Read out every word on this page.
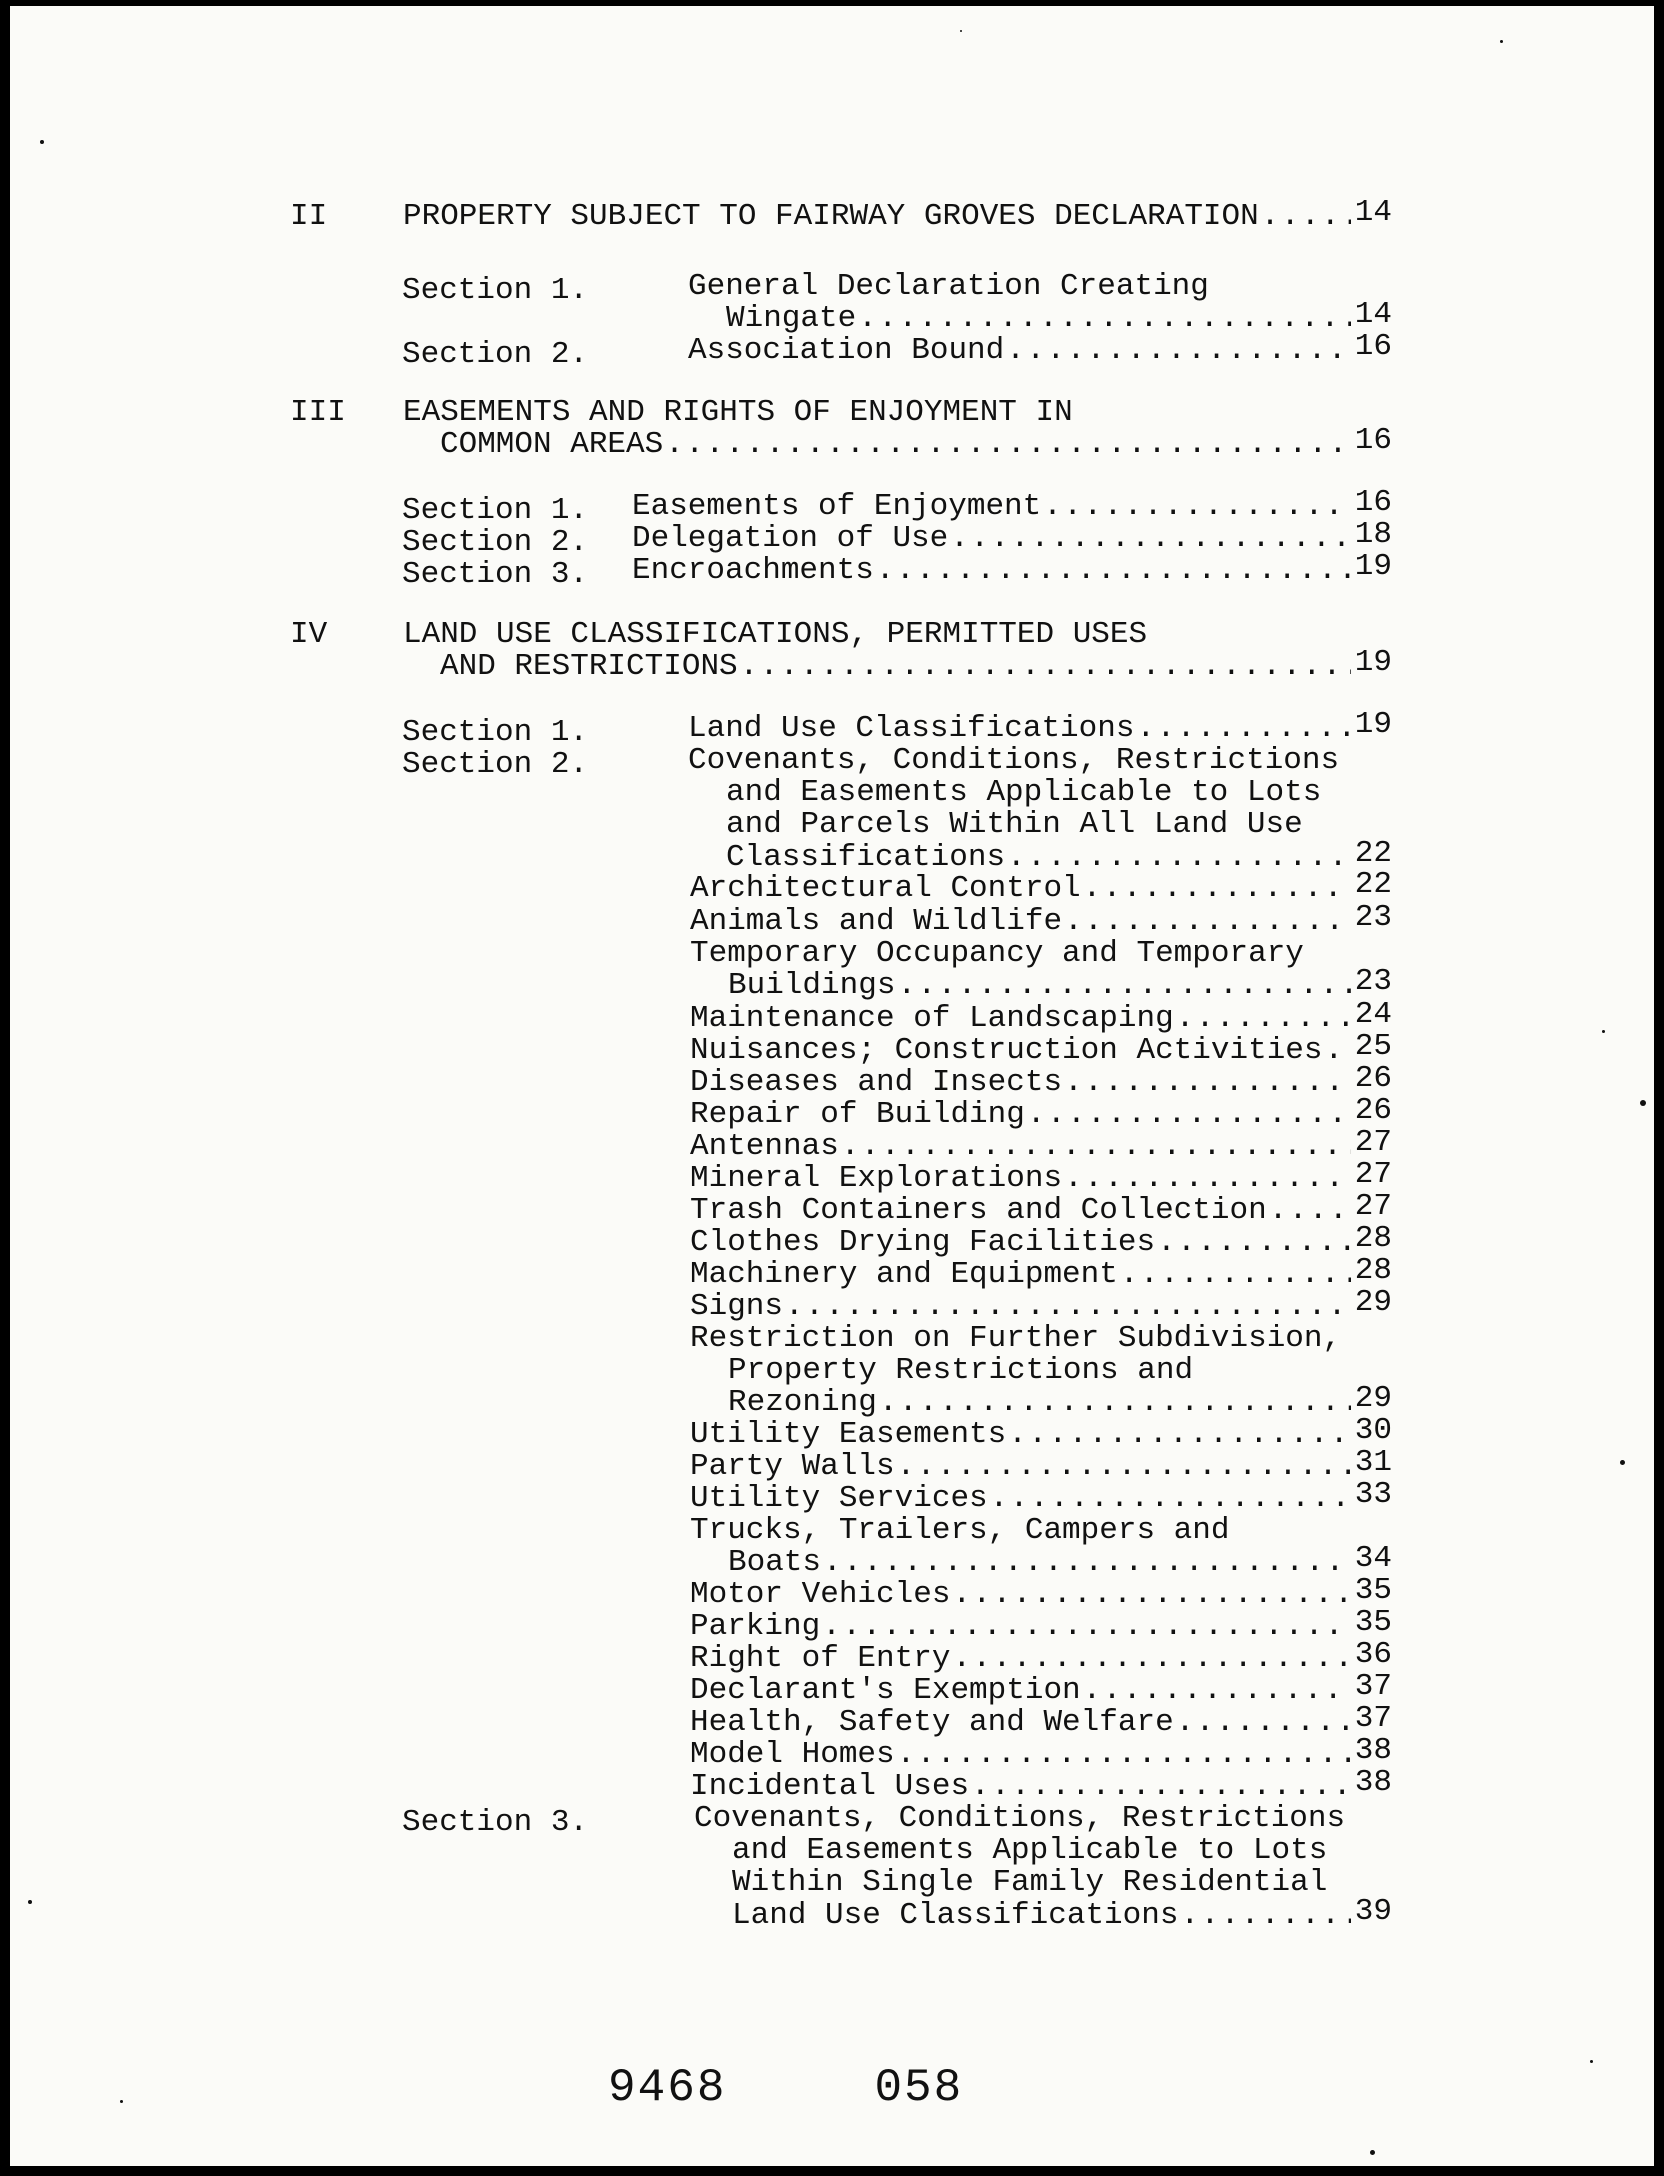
II PROPERTY SUBJECT TO FAIRWAY GROVES DECLARATION	14
.....
Section 1.	General Declaration Creating
Wingate	14
.....
Section 2.	Association Bound	16
.....
III EASEMENTS AND RIGHTS OF ENJOYMENT IN
COMMON AREAS	16
.....
Section 1. Easements of Enjoyment	16
.....
Section 2. Delegation of Use	18
.....
Section 3. Encroachments	19
.....
IV LAND USE CLASSIFICATIONS, PERMITTED USES
AND RESTRICTIONS	19
.....
Section 1.	Land Use Classifications	19
.....
Section 2.	Covenants, Conditions, Restrictions
and Easements Applicable to Lots
and Parcels Within All Land Use
Classifications	22
.....
Architectural Control	22
.....
Animals and Wildlife	23
.....
Temporary Occupancy and Temporary
Buildings	23
.....
Maintenance of Landscaping	24
.....
Nuisances; Construction Activities 25
.....
Diseases and Insects	26
.....
Repair of Building	26
.....
Antennas	27
.....
Mineral Explorations	27
.....
Trash Containers and Collection	27
.....
Clothes Drying Facilities	28
.....
Machinery and Equipment	28
.....
Signs	29
.....
Restriction on Further Subdivision,
Property Restrictions and
Rezoning	29
.....
Utility Easements	30
.....
Party Walls	31
.....
Utility Services	33
.....
Trucks, Trailers, Campers and
Boats	34
.....
Motor Vehicles	35
.....
Parking	35
.....
Right of Entry	36
.....
Declarant's Exemption	37
.....
Health, Safety and Welfare	37
.....
Model Homes	38
.....
Incidental Uses	38
.....
Section 3.	Covenants, Conditions, Restrictions
and Easements Applicable to Lots
Within Single Family Residential
Land Use Classifications	39
.....
9468	058
